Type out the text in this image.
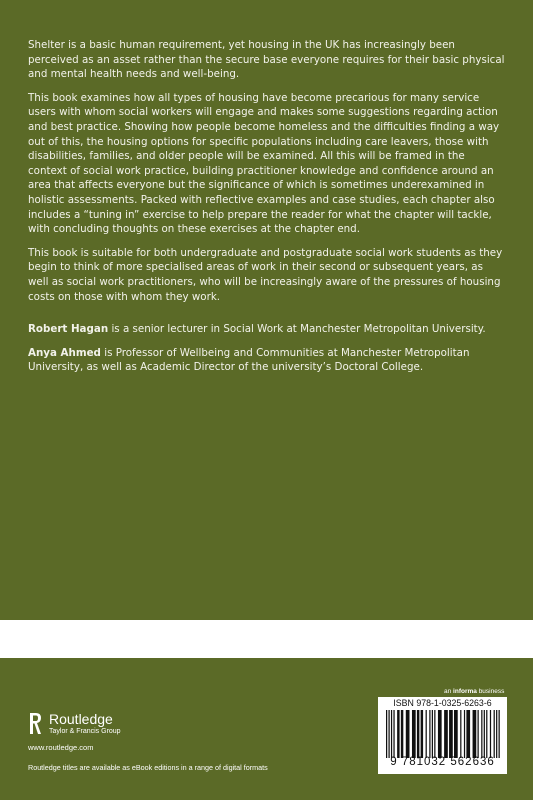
Shelter is a basic human requirement, yet housing in the UK has increasingly been perceived as an asset rather than the secure base everyone requires for their basic physical and mental health needs and well-being.

This book examines how all types of housing have become precarious for many service users with whom social workers will engage and makes some suggestions regarding action and best practice. Showing how people become homeless and the difficulties finding a way out of this, the housing options for specific populations including care leavers, those with disabilities, families, and older people will be examined. All this will be framed in the context of social work practice, building practitioner knowledge and confidence around an area that affects everyone but the significance of which is sometimes underexamined in holistic assessments. Packed with reflective examples and case studies, each chapter also includes a “tuning in” exercise to help prepare the reader for what the chapter will tackle, with concluding thoughts on these exercises at the chapter end.

This book is suitable for both undergraduate and postgraduate social work students as they begin to think of more specialised areas of work in their second or subsequent years, as well as social work practitioners, who will be increasingly aware of the pressures of housing costs on those with whom they work.

Robert Hagan is a senior lecturer in Social Work at Manchester Metropolitan University.

Anya Ahmed is Professor of Wellbeing and Communities at Manchester Metropolitan University, as well as Academic Director of the university’s Doctoral College.

Routledge
Taylor & Francis Group
www.routledge.com
Routledge titles are available as eBook editions in a range of digital formats
an informa business
ISBN 978-1-0325-6263-6
9 781032 562636
